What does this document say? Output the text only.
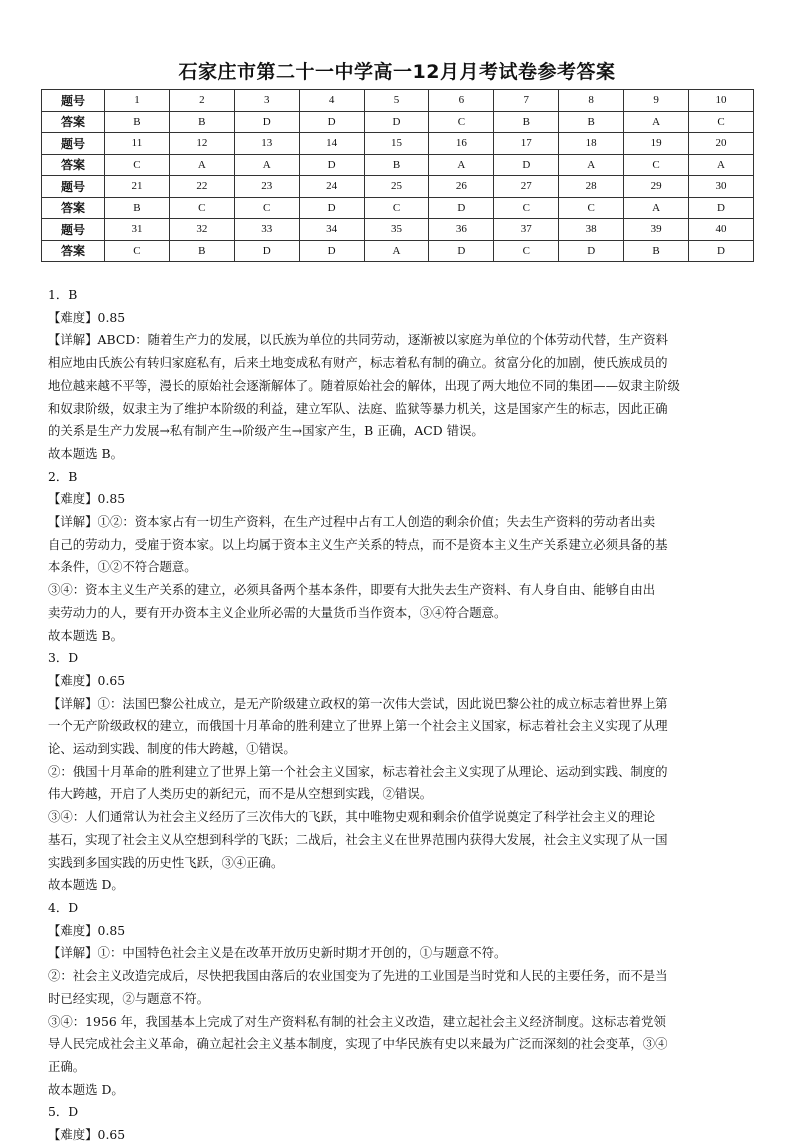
石家庄市第二十一中学高一12月月考试卷参考答案
题号	1	2	3	4	5	6	7	8	9	10
答案	B	B	D	D	D	C	B	B	A	C
题号	11	12	13	14	15	16	17	18	19	20
答案	C	A	A	D	B	A	D	A	C	A
题号	21	22	23	24	25	26	27	28	29	30
答案	B	C	C	D	C	D	C	C	A	D
题号	31	32	33	34	35	36	37	38	39	40
答案	C	B	D	D	A	D	C	D	B	D

1．B

【难度】0.85

【详解】ABCD：随着生产力的发展，以氏族为单位的共同劳动，逐渐被以家庭为单位的个体劳动代替，生产资料

相应地由氏族公有转归家庭私有，后来土地变成私有财产，标志着私有制的确立。贫富分化的加剧，使氏族成员的

地位越来越不平等，漫长的原始社会逐渐解体了。随着原始社会的解体，出现了两大地位不同的集团——奴隶主阶级

和奴隶阶级，奴隶主为了维护本阶级的利益，建立军队、法庭、监狱等暴力机关，这是国家产生的标志，因此正确

的关系是生产力发展→私有制产生→阶级产生→国家产生，B 正确，ACD 错误。

故本题选 B。

2．B

【难度】0.85

【详解】①②：资本家占有一切生产资料，在生产过程中占有工人创造的剩余价值；失去生产资料的劳动者出卖

自己的劳动力，受雇于资本家。以上均属于资本主义生产关系的特点，而不是资本主义生产关系建立必须具备的基

本条件，①②不符合题意。

③④：资本主义生产关系的建立，必须具备两个基本条件，即要有大批失去生产资料、有人身自由、能够自由出

卖劳动力的人，要有开办资本主义企业所必需的大量货币当作资本，③④符合题意。

故本题选 B。

3．D

【难度】0.65

【详解】①：法国巴黎公社成立，是无产阶级建立政权的第一次伟大尝试，因此说巴黎公社的成立标志着世界上第

一个无产阶级政权的建立，而俄国十月革命的胜利建立了世界上第一个社会主义国家，标志着社会主义实现了从理

论、运动到实践、制度的伟大跨越，①错误。

②：俄国十月革命的胜利建立了世界上第一个社会主义国家，标志着社会主义实现了从理论、运动到实践、制度的

伟大跨越，开启了人类历史的新纪元，而不是从空想到实践，②错误。

③④：人们通常认为社会主义经历了三次伟大的飞跃，其中唯物史观和剩余价值学说奠定了科学社会主义的理论

基石，实现了社会主义从空想到科学的飞跃；二战后，社会主义在世界范围内获得大发展，社会主义实现了从一国

实践到多国实践的历史性飞跃，③④正确。

故本题选 D。

4．D

【难度】0.85

【详解】①：中国特色社会主义是在改革开放历史新时期才开创的，①与题意不符。

②：社会主义改造完成后，尽快把我国由落后的农业国变为了先进的工业国是当时党和人民的主要任务，而不是当

时已经实现，②与题意不符。

③④：1956 年，我国基本上完成了对生产资料私有制的社会主义改造，建立起社会主义经济制度。这标志着党领

导人民完成社会主义革命，确立起社会主义基本制度，实现了中华民族有史以来最为广泛而深刻的社会变革，③④

正确。

故本题选 D。

5．D

【难度】0.65
